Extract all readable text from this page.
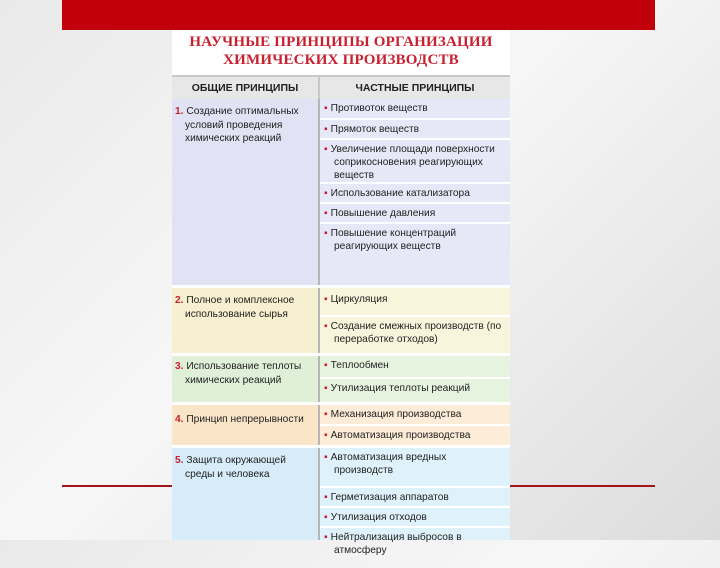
НАУЧНЫЕ ПРИНЦИПЫ ОРГАНИЗАЦИИ
ХИМИЧЕСКИХ ПРОИЗВОДСТВ
ОБЩИЕ ПРИНЦИПЫ	ЧАСТНЫЕ ПРИНЦИПЫ
1. Создание оптимальных
условий проведения
химических реакций
▪ Противоток веществ
▪ Прямоток веществ
▪ Увеличение площади поверхности соприкосновения реагирующих веществ
▪ Использование катализатора
▪ Повышение давления
▪ Повышение концентраций реагирующих веществ
2. Полное и комплексное
использование сырья
▪ Циркуляция
▪ Создание смежных производств (по переработке отходов)
3. Использование теплоты
химических реакций
▪ Теплообмен
▪ Утилизация теплоты реакций
4. Принцип непрерывности	▪ Механизация производства
▪ Автоматизация производства
5. Защита окружающей
среды и человека
▪ Автоматизация вредных производств
▪ Герметизация аппаратов
▪ Утилизация отходов
▪ Нейтрализация выбросов в атмосферу
